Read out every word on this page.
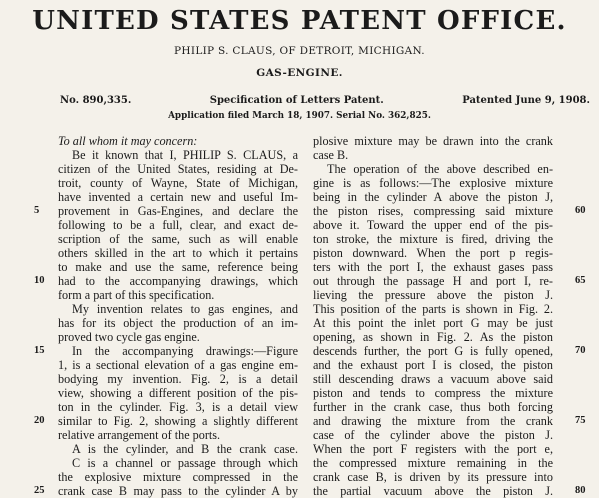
UNITED STATES PATENT OFFICE.
PHILIP S. CLAUS, OF DETROIT, MICHIGAN.
GAS-ENGINE.
No. 890,335.	Specification of Letters Patent.	Patented June 9, 1908.
Application filed March 18, 1907. Serial No. 362,825.
To all whom it may concern:
Be it known that I, PHILIP S. CLAUS, a
citizen of the United States, residing at De-
troit, county of Wayne, State of Michigan,
have invented a certain new and useful Im-
provement in Gas-Engines, and declare the
following to be a full, clear, and exact de-
scription of the same, such as will enable
others skilled in the art to which it pertains
to make and use the same, reference being
had to the accompanying drawings, which
form a part of this specification.
My invention relates to gas engines, and
has for its object the production of an im-
proved two cycle gas engine.
In the accompanying drawings:—Figure
1, is a sectional elevation of a gas engine em-
bodying my invention. Fig. 2, is a detail
view, showing a different position of the pis-
ton in the cylinder. Fig. 3, is a detail view
similar to Fig. 2, showing a slightly different
relative arrangement of the ports.
A is the cylinder, and B the crank case.
C is a channel or passage through which
the explosive mixture compressed in the
crank case B may pass to the cylinder A by
plosive mixture may be drawn into the crank
case B.
The operation of the above described en-
gine is as follows:—The explosive mixture
being in the cylinder A above the piston J,
the piston rises, compressing said mixture
above it. Toward the upper end of the pis-
ton stroke, the mixture is fired, driving the
piston downward. When the port p regis-
ters with the port I, the exhaust gases pass
out through the passage H and port I, re-
lieving the pressure above the piston J.
This position of the parts is shown in Fig. 2.
At this point the inlet port G may be just
opening, as shown in Fig. 2. As the piston
descends further, the port G is fully opened,
and the exhaust port I is closed, the piston
still descending draws a vacuum above said
piston and tends to compress the mixture
further in the crank case, thus both forcing
and drawing the mixture from the crank
case of the cylinder above the piston J.
When the port F registers with the port e,
the compressed mixture remaining in the
crank case B, is driven by its pressure into
the partial vacuum above the piston J.
5
10
15
20
25
60
65
70
75
80
